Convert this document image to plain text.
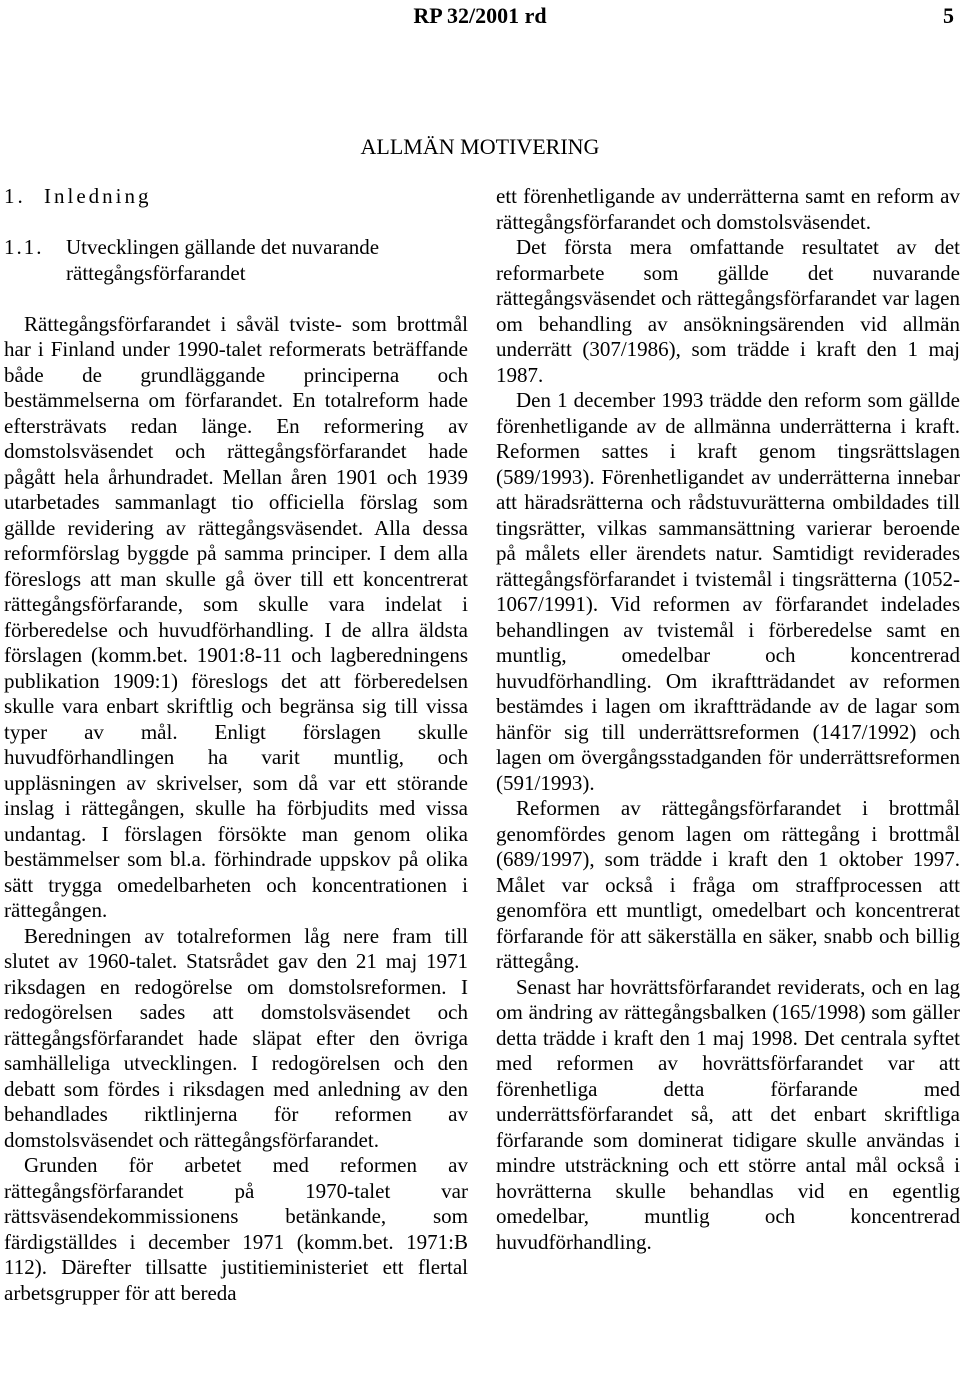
RP 32/2001 rd	5
ALLMÄN MOTIVERING
1. Inledning
1.1.	Utvecklingen gällande det nuvarande rättegångsförfarandet

Rättegångsförfarandet i såväl tviste- som brottmål har i Finland under 1990-talet reformerats beträffande både de grundläggande principerna och bestämmelserna om förfarandet. En totalreform hade eftersträvats redan länge. En reformering av domstolsväsendet och rättegångsförfarandet hade pågått hela århundradet. Mellan åren 1901 och 1939 utarbetades sammanlagt tio officiella förslag som gällde revidering av rättegångsväsendet. Alla dessa reformförslag byggde på samma principer. I dem alla föreslogs att man skulle gå över till ett koncentrerat rättegångsförfarande, som skulle vara indelat i förberedelse och huvudförhandling. I de allra äldsta förslagen (komm.bet. 1901:8-11 och lagberedningens publikation 1909:1) föreslogs det att förberedelsen skulle vara enbart skriftlig och begränsa sig till vissa typer av mål. Enligt förslagen skulle huvudförhandlingen ha varit muntlig, och uppläsningen av skrivelser, som då var ett störande inslag i rättegången, skulle ha förbjudits med vissa undantag. I förslagen försökte man genom olika bestämmelser som bl.a. förhindrade uppskov på olika sätt trygga omedelbarheten och koncentrationen i rättegången.

Beredningen av totalreformen låg nere fram till slutet av 1960-talet. Statsrådet gav den 21 maj 1971 riksdagen en redogörelse om domstolsreformen. I redogörelsen sades att domstolsväsendet och rättegångsförfarandet hade släpat efter den övriga samhälleliga utvecklingen. I redogörelsen och den debatt som fördes i riksdagen med anledning av den behandlades riktlinjerna för reformen av domstolsväsendet och rättegångsförfarandet.

Grunden för arbetet med reformen av rättegångsförfarandet på 1970-talet var rättsväsendekommissionens betänkande, som färdigställdes i december 1971 (komm.bet. 1971:B 112). Därefter tillsatte justitieministeriet ett flertal arbetsgrupper för att bereda

ett förenhetligande av underrätterna samt en reform av rättegångsförfarandet och domstolsväsendet.

Det första mera omfattande resultatet av det reformarbete som gällde det nuvarande rättegångsväsendet och rättegångsförfarandet var lagen om behandling av ansökningsärenden vid allmän underrätt (307/1986), som trädde i kraft den 1 maj 1987.

Den 1 december 1993 trädde den reform som gällde förenhetligande av de allmänna underrätterna i kraft. Reformen sattes i kraft genom tingsrättslagen (589/1993). Förenhetligandet av underrätterna innebar att häradsrätterna och rådstuvurätterna ombildades till tingsrätter, vilkas sammansättning varierar beroende på målets eller ärendets natur. Samtidigt reviderades rättegångsförfarandet i tvistemål i tingsrätterna (1052-1067/1991). Vid reformen av förfarandet indelades behandlingen av tvistemål i förberedelse samt en muntlig, omedelbar och koncentrerad huvudförhandling. Om ikraftträdandet av reformen bestämdes i lagen om ikraftträdande av de lagar som hänför sig till underrättsreformen (1417/1992) och lagen om övergångsstadganden för underrättsreformen (591/1993).

Reformen av rättegångsförfarandet i brottmål genomfördes genom lagen om rättegång i brottmål (689/1997), som trädde i kraft den 1 oktober 1997. Målet var också i fråga om straffprocessen att genomföra ett muntligt, omedelbart och koncentrerat förfarande för att säkerställa en säker, snabb och billig rättegång.

Senast har hovrättsförfarandet reviderats, och en lag om ändring av rättegångsbalken (165/1998) som gäller detta trädde i kraft den 1 maj 1998. Det centrala syftet med reformen av hovrättsförfarandet var att förenhetliga detta förfarande med underrättsförfarandet så, att det enbart skriftliga förfarande som dominerat tidigare skulle användas i mindre utsträckning och ett större antal mål också i hovrätterna skulle behandlas vid en egentlig omedelbar, muntlig och koncentrerad huvudförhandling.
